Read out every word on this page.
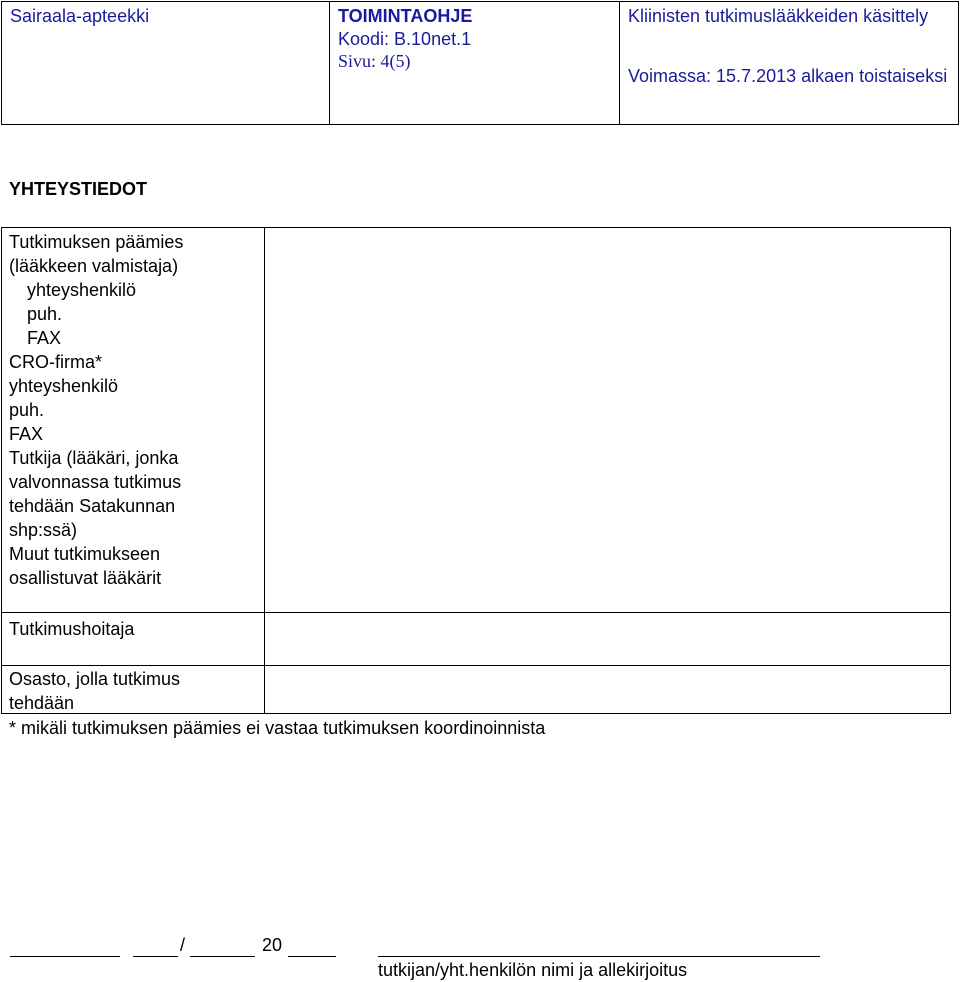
Sairaala-apteekki	TOIMINTAOHJE
Koodi: B.10net.1
Sivu: 4(5)
Kliinisten tutkimuslääkkeiden käsittely
Voimassa: 15.7.2013 alkaen toistaiseksi
YHTEYSTIEDOT
Tutkimuksen päämies
(lääkkeen valmistaja)
yhteyshenkilö
puh.
FAX
CRO-firma*
yhteyshenkilö
puh.
FAX
Tutkija (lääkäri, jonka
valvonnassa tutkimus
tehdään Satakunnan
shp:ssä)
Muut tutkimukseen
osallistuvat lääkärit
Tutkimushoitaja
Osasto, jolla tutkimus
tehdään
* mikäli tutkimuksen päämies ei vastaa tutkimuksen koordinoinnista
/	20
tutkijan/yht.henkilön nimi ja allekirjoitus
